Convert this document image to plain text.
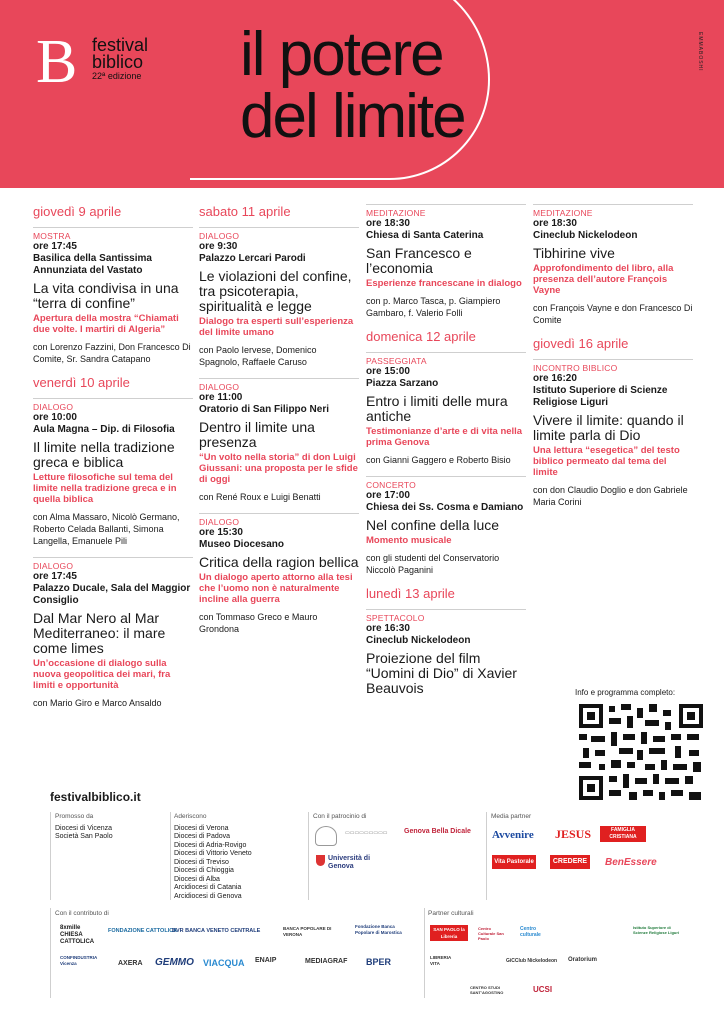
B festival
biblico
22ª edizione il potere
del limite
EMMABOSHI
giovedì 9 aprile
MOSTRA
ore 17:45
Basilica della Santissima Annunziata del Vastato
La vita condivisa in una “terra di confine”
Apertura della mostra “Chiamati due volte. I martiri di Algeria”
con Lorenzo Fazzini, Don Francesco Di Comite, Sr. Sandra Catapano
venerdì 10 aprile
DIALOGO
ore 10:00
Aula Magna – Dip. di Filosofia
Il limite nella tradizione greca e biblica
Letture filosofiche sul tema del limite nella tradizione greca e in quella biblica
con Alma Massaro, Nicolò Germano, Roberto Celada Ballanti, Simona Langella, Emanuele Pili
DIALOGO
ore 17:45
Palazzo Ducale, Sala del Maggior Consiglio
Dal Mar Nero al Mar Mediterraneo: il mare come limes
Un’occasione di dialogo sulla nuova geopolitica dei mari, fra limiti e opportunità
con Mario Giro e Marco Ansaldo
sabato 11 aprile
DIALOGO
ore 9:30
Palazzo Lercari Parodi
Le violazioni del confine, tra psicoterapia, spiritualità e legge
Dialogo tra esperti sull’esperienza del limite umano
con Paolo Iervese, Domenico Spagnolo, Raffaele Caruso
DIALOGO
ore 11:00
Oratorio di San Filippo Neri
Dentro il limite una presenza
“Un volto nella storia” di don Luigi Giussani: una proposta per le sfide di oggi
con René Roux e Luigi Benatti
DIALOGO
ore 15:30
Museo Diocesano
Critica della ragion bellica
Un dialogo aperto attorno alla tesi che l’uomo non è naturalmente incline alla guerra
con Tommaso Greco e Mauro Grondona
MEDITAZIONE
ore 18:30
Chiesa di Santa Caterina
San Francesco e l’economia
Esperienze francescane in dialogo
con p. Marco Tasca, p. Giampiero Gambaro, f. Valerio Folli
domenica 12 aprile
PASSEGGIATA
ore 15:00
Piazza Sarzano
Entro i limiti delle mura antiche
Testimonianze d’arte e di vita nella prima Genova
con Gianni Gaggero e Roberto Bisio
CONCERTO
ore 17:00
Chiesa dei Ss. Cosma e Damiano
Nel confine della luce
Momento musicale
con gli studenti del Conservatorio Niccolò Paganini
lunedì 13 aprile
SPETTACOLO
ore 16:30
Cineclub Nickelodeon
Proiezione del film “Uomini di Dio” di Xavier Beauvois
MEDITAZIONE
ore 18:30
Cineclub Nickelodeon
Tibhirine vive
Approfondimento del libro, alla presenza dell’autore François Vayne
con François Vayne e don Francesco Di Comite
giovedì 16 aprile
INCONTRO BIBLICO
ore 16:20
Istituto Superiore di Scienze Religiose Liguri
Vivere il limite: quando il limite parla di Dio
Una lettura “esegetica” del testo biblico permeato dal tema del limite
con don Claudio Doglio e don Gabriele Maria Corini
Info e programma completo:
festivalbiblico.it
Promosso da
Diocesi di Vicenza
Società San Paolo
Aderiscono
Diocesi di Verona
Diocesi di Padova
Diocesi di Adria-Rovigo
Diocesi di Vittorio Veneto
Diocesi di Treviso
Diocesi di Chioggia
Diocesi di Alba
Arcidiocesi di Catania
Arcidiocesi di Genova
Con il patrocinio di
▭▭▭▭▭▭▭▭▭ Genova Bella Dicale
Università di Genova
Media partner
Avvenire JESUS	FAMIGLIA CRISTIANA
Vita Pastorale	CREDERE BenEssere
Con il contributo di
8xmille CHIESA CATTOLICA
FONDAZIONE CATTOLICA
BVR BANCA VENETO CENTRALE	BANCA POPOLARE DI VERONA
Fondazione Banca Popolare di Marostica
CONFINDUSTRIA Vicenza	AXERA GEMMO VIACQUA ENAIP	MEDIAGRAF BPER
Partner culturali
SAN PAOLO la Libreria
Centro Culturale San Paolo
Centro culturale
Istituto Superiore di Scienze Religiose Liguri
LIBRERIA VITA	GiCClub Nickelodeon Oratorium
CENTRO STUDI SANT’AGOSTINO	UCSI
